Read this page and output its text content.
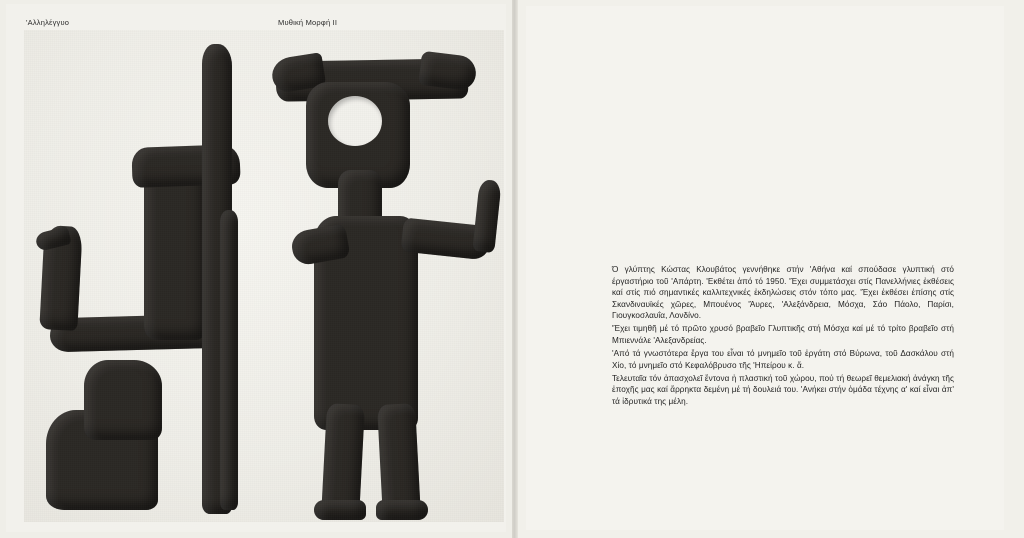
'Αλληλέγγυο	Μυθική Μορφή II

Ό γλύπτης Κώστας Κλουβάτος γεννήθηκε στήν 'Αθήνα καί σπούδασε γλυπτική στό έργαστήριο τοῦ 'Απάρτη. 'Εκθέτει ἀπό τό 1950. 'Έχει συμμετάσχει στίς Πανελλήνιες ἐκθέσεις καί στίς πιό σημαντικές καλλιτεχνικές ἐκδηλώσεις στόν τόπο μας. 'Έχει ἐκθέσει ἐπίσης στίς Σκανδιναυϊκές χῶρες, Μπουένος 'Άυρες, 'Αλεξάνδρεια, Μόσχα, Σάο Πάολο, Παρίσι, Γιουγκοσλαυΐα, Λονδίνο.

'Έχει τιμηθῆ μέ τό πρῶτο χρυσό βραβεῖο Γλυπτικῆς στή Μόσχα καί μέ τό τρίτο βραβεῖο στή Μπιεννάλε 'Αλεξανδρείας.

'Από τά γνωστότερα ἔργα του εἶναι τό μνημεῖο τοῦ ἐργάτη στό Βύρωνα, τοῦ Δασκάλου στή Χίο, τό μνημεῖο στό Κεφαλόβρυσο τῆς 'Ηπείρου κ. ἄ.

Τελευταῖα τόν ἀπασχολεῖ ἔντονα ἡ πλαστική τοῦ χώρου, πού τή θεωρεῖ θεμελιακή ἀνάγκη τῆς ἐποχῆς μας καί ἄρρηκτα δεμένη μέ τή δουλειά του. 'Ανήκει στήν ὁμάδα τέχνης α' καί εἶναι ἀπ' τά ἱδρυτικά της μέλη.
